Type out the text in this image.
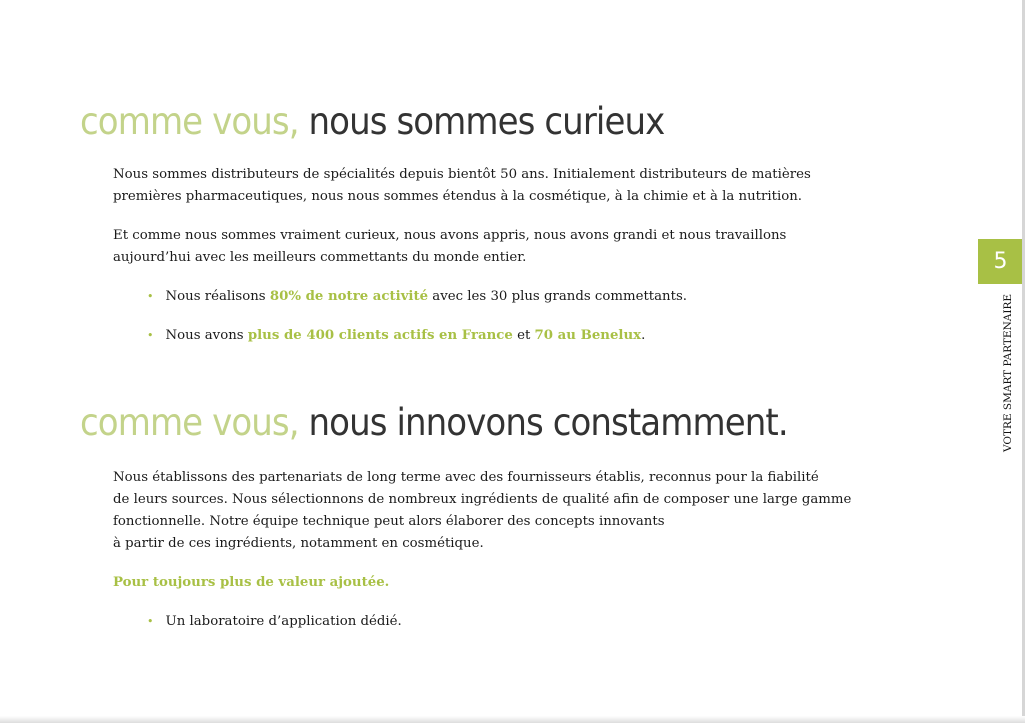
comme vous, nous sommes curieux
Nous sommes distributeurs de spécialités depuis bientôt 50 ans. Initialement distributeurs de matières
premières pharmaceutiques, nous nous sommes étendus à la cosmétique, à la chimie et à la nutrition.
Et comme nous sommes vraiment curieux, nous avons appris, nous avons grandi et nous travaillons
aujourd’hui avec les meilleurs commettants du monde entier.
• Nous réalisons 80% de notre activité avec les 30 plus grands commettants.
• Nous avons plus de 400 clients actifs en France et 70 au Benelux.
comme vous, nous innovons constamment.
Nous établissons des partenariats de long terme avec des fournisseurs établis, reconnus pour la fiabilité
de leurs sources. Nous sélectionnons de nombreux ingrédients de qualité afin de composer une large gamme
fonctionnelle. Notre équipe technique peut alors élaborer des concepts innovants
à partir de ces ingrédients, notamment en cosmétique.
Pour toujours plus de valeur ajoutée.
• Un laboratoire d’application dédié.
5
VOTRE SMART PARTENAIRE
